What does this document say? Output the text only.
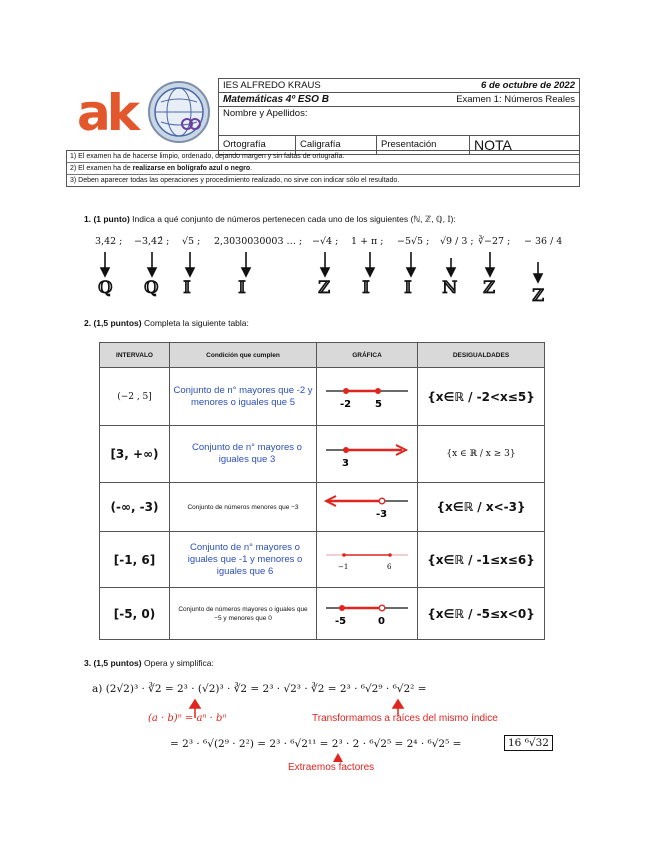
ak	IES ALFREDO KRAUS	6 de octubre de 2022
Matemáticas 4º ESO B	Examen 1: Números Reales
Nombre y Apellidos:
Ortografía	Caligrafía	Presentación	NOTA
1) El examen ha de hacerse limpio, ordenado, dejando margen y sin faltas de ortografía.
2) El examen ha de realizarse en bolígrafo azul o negro.
3) Deben aparecer todas las operaciones y procedimiento realizado, no sirve con indicar sólo el resultado.
1. (1 punto) Indica a qué conjunto de números pertenecen cada uno de los siguientes (ℕ, ℤ, ℚ, 𝕀):
3,42 ; −3,42̂ ; √5 ; 2,3030030003 … ; −√4 ; 1 + π ; −5√5 ; √9 / 3 ; ∛−27 ; − 36 / 4
ℚ ℚ 𝕀	𝕀	ℤ 𝕀 𝕀 ℕ ℤ ℤ
2. (1,5 puntos) Completa la siguiente tabla:
INTERVALO	Condición que cumplen	GRÁFICA	DESIGUALDADES
(−2 , 5]	Conjunto de n° mayores que -2 y menores o iguales que 5	-2 5	{x∈ℝ / -2<x≤5}
[3, +∞)	Conjunto de n° mayores o iguales que 3	3	{x ∈ ℝ / x ≥ 3}
(-∞, -3)	Conjunto de números menores que −3	-3	{x∈ℝ / x<-3}
[-1, 6]	Conjunto de n° mayores o iguales que -1 y menores o iguales que 6	−1 6	{x∈ℝ / -1≤x≤6}
[-5, 0)	Conjunto de números mayores o iguales que −5 y menores que 0	-5 0	{x∈ℝ / -5≤x<0}
3. (1,5 puntos) Opera y simplifica:
a) (2√2)³ · ∛2 = 2³ · (√2)³ · ∛2 = 2³ · √2³ · ∛2 = 2³ · ⁶√2⁹ · ⁶√2² =
(a · b)ⁿ = aⁿ · bⁿ	Transformamos a raíces del mismo índice
= 2³ · ⁶√(2⁹ · 2²) = 2³ · ⁶√2¹¹ = 2³ · 2 · ⁶√2⁵ = 2⁴ · ⁶√2⁵ =	16 ⁶√32
Extraemos factores
